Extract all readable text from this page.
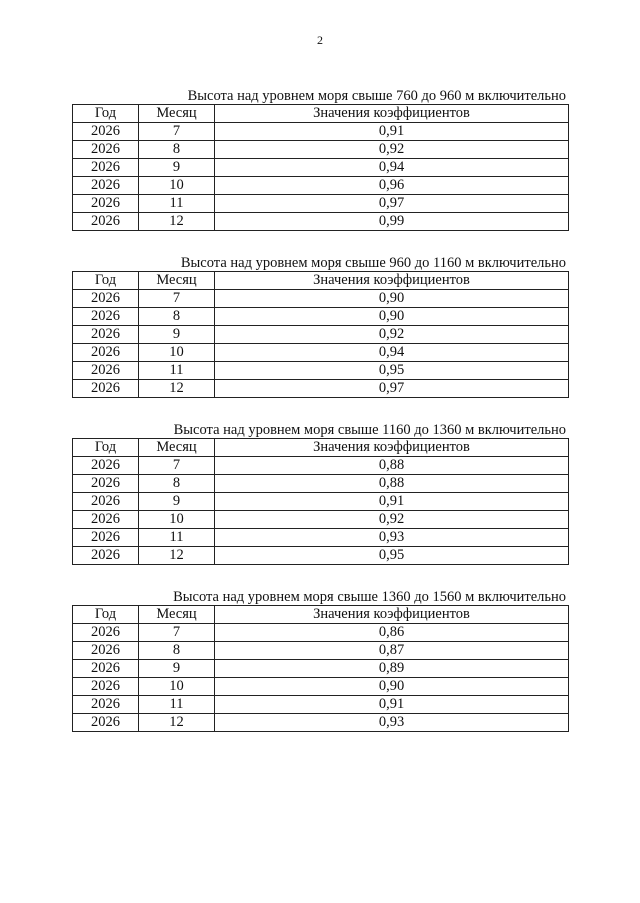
2
Высота над уровнем моря свыше 760 до 960 м включительно
Год	Месяц	Значения коэффициентов
2026	7	0,91
2026	8	0,92
2026	9	0,94
2026	10	0,96
2026	11	0,97
2026	12	0,99
Высота над уровнем моря свыше 960 до 1160 м включительно
Год	Месяц	Значения коэффициентов
2026	7	0,90
2026	8	0,90
2026	9	0,92
2026	10	0,94
2026	11	0,95
2026	12	0,97
Высота над уровнем моря свыше 1160 до 1360 м включительно
Год	Месяц	Значения коэффициентов
2026	7	0,88
2026	8	0,88
2026	9	0,91
2026	10	0,92
2026	11	0,93
2026	12	0,95
Высота над уровнем моря свыше 1360 до 1560 м включительно
Год	Месяц	Значения коэффициентов
2026	7	0,86
2026	8	0,87
2026	9	0,89
2026	10	0,90
2026	11	0,91
2026	12	0,93
